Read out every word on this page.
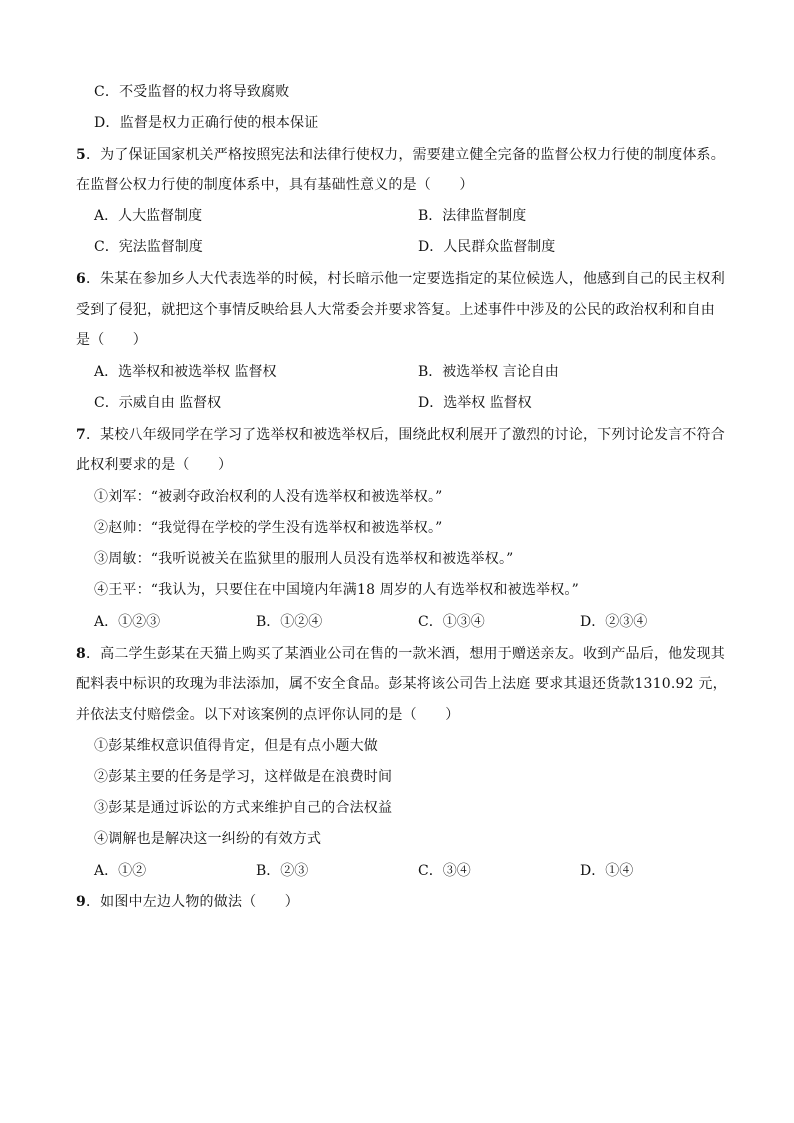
C．不受监督的权力将导致腐败
D．监督是权力正确行使的根本保证
5．为了保证国家机关严格按照宪法和法律行使权力，需要建立健全完备的监督公权力行使的制度体系。
在监督公权力行使的制度体系中，具有基础性意义的是（　　）
A．人大监督制度	B．法律监督制度
C．宪法监督制度	D．人民群众监督制度
6．朱某在参加乡人大代表选举的时候，村长暗示他一定要选指定的某位候选人，他感到自己的民主权利
受到了侵犯，就把这个事情反映给县人大常委会并要求答复。上述事件中涉及的公民的政治权利和自由
是（　　）
A．选举权和被选举权 监督权	B．被选举权 言论自由
C．示威自由 监督权	D．选举权 监督权
7．某校八年级同学在学习了选举权和被选举权后，围绕此权利展开了激烈的讨论，下列讨论发言不符合
此权利要求的是（　　）
①刘军：“被剥夺政治权利的人没有选举权和被选举权。”
②赵帅：“我觉得在学校的学生没有选举权和被选举权。”
③周敏：“我听说被关在监狱里的服刑人员没有选举权和被选举权。”
④王平：“我认为，只要住在中国境内年满18 周岁的人有选举权和被选举权。”
A．①②③	B．①②④	C．①③④	D．②③④
8．高二学生彭某在天猫上购买了某酒业公司在售的一款米酒，想用于赠送亲友。收到产品后，他发现其
配料表中标识的玫瑰为非法添加，属不安全食品。彭某将该公司告上法庭 要求其退还货款1310.92 元，
并依法支付赔偿金。以下对该案例的点评你认同的是（　　）
①彭某维权意识值得肯定，但是有点小题大做
②彭某主要的任务是学习，这样做是在浪费时间
③彭某是通过诉讼的方式来维护自己的合法权益
④调解也是解决这一纠纷的有效方式
A．①②	B．②③	C．③④	D．①④
9．如图中左边人物的做法（　　）
